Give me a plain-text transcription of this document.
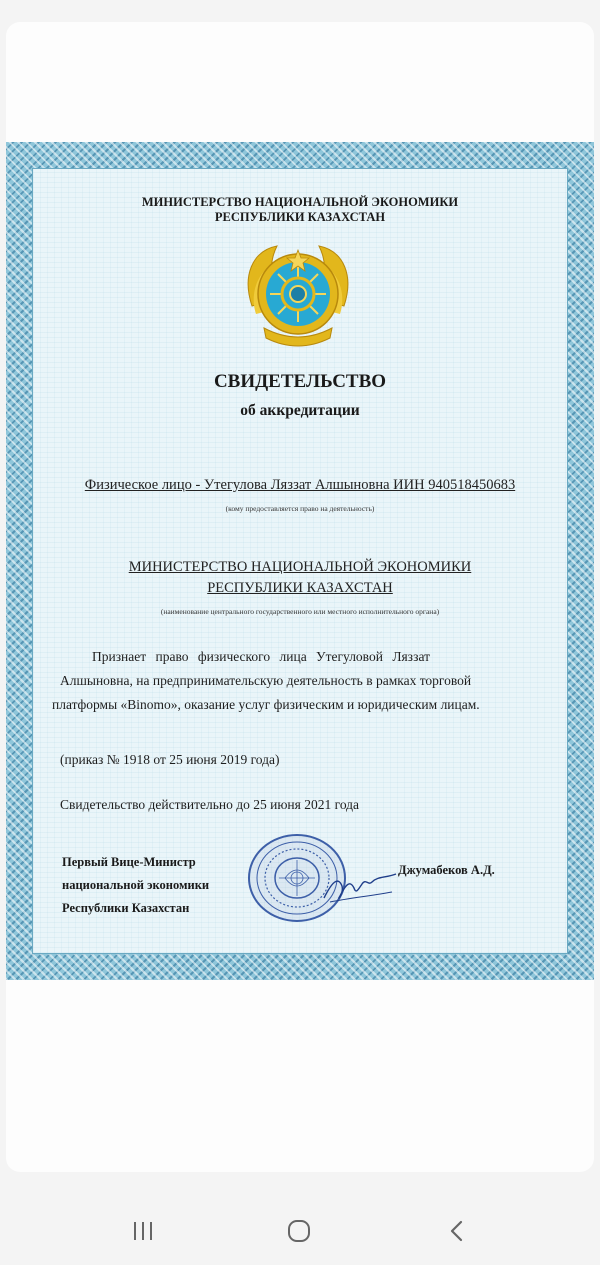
МИНИСТЕРСТВО НАЦИОНАЛЬНОЙ ЭКОНОМИКИ
РЕСПУБЛИКИ КАЗАХСТАН
СВИДЕТЕЛЬСТВО
об аккредитации
Физическое лицо - Утегулова Ляззат Алшыновна ИИН 940518450683
(кому предоставляется право на деятельность)
МИНИСТЕРСТВО НАЦИОНАЛЬНОЙ ЭКОНОМИКИ
РЕСПУБЛИКИ КАЗАХСТАН
(наименование центрального государственного или местного исполнительного органа)
Признает право физического лица Утегуловой Ляззат
Алшыновна, на предпринимательскую деятельность в рамках торговой
платформы «Binomo», оказание услуг физическим и юридическим лицам.
(приказ № 1918 от 25 июня 2019 года)
Свидетельство действительно до 25 июня 2021 года
Первый Вице-Министр
национальной экономики
Республики Казахстан
Джумабеков А.Д.
